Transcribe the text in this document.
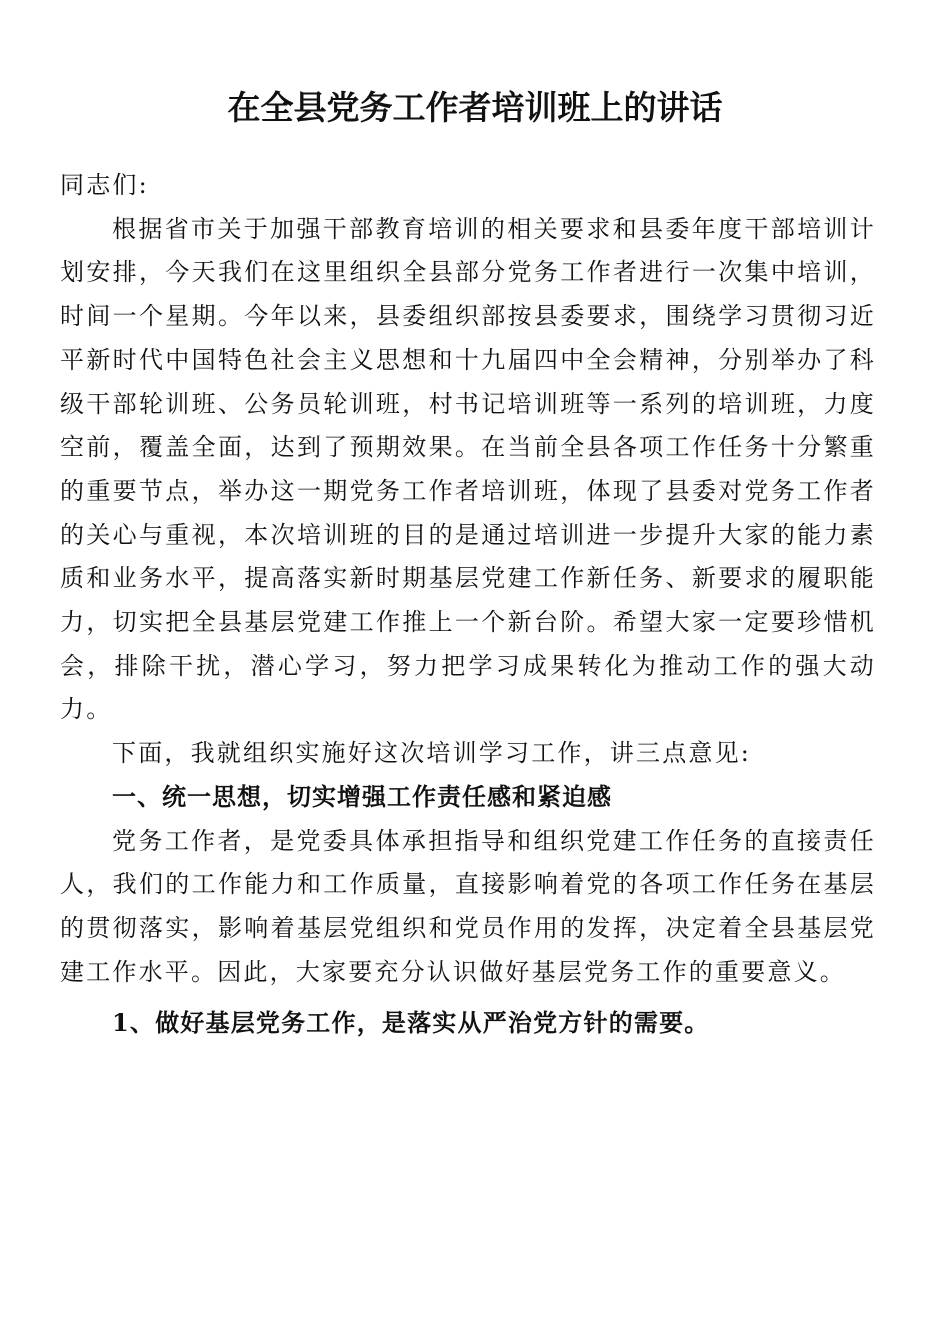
在全县党务工作者培训班上的讲话

同志们:

根据省市关于加强干部教育培训的相关要求和县委年度干部培训计划安排，今天我们在这里组织全县部分党务工作者进行一次集中培训，时间一个星期。今年以来，县委组织部按县委要求，围绕学习贯彻习近平新时代中国特色社会主义思想和十九届四中全会精神，分别举办了科级干部轮训班、公务员轮训班，村书记培训班等一系列的培训班，力度空前，覆盖全面，达到了预期效果。在当前全县各项工作任务十分繁重的重要节点，举办这一期党务工作者培训班，体现了县委对党务工作者的关心与重视，本次培训班的目的是通过培训进一步提升大家的能力素质和业务水平，提高落实新时期基层党建工作新任务、新要求的履职能力，切实把全县基层党建工作推上一个新台阶。希望大家一定要珍惜机会，排除干扰，潜心学习，努力把学习成果转化为推动工作的强大动力。

下面，我就组织实施好这次培训学习工作，讲三点意见:

一、统一思想，切实增强工作责任感和紧迫感

党务工作者，是党委具体承担指导和组织党建工作任务的直接责任人，我们的工作能力和工作质量，直接影响着党的各项工作任务在基层的贯彻落实，影响着基层党组织和党员作用的发挥，决定着全县基层党建工作水平。因此，大家要充分认识做好基层党务工作的重要意义。

1、做好基层党务工作，是落实从严治党方针的需要。
